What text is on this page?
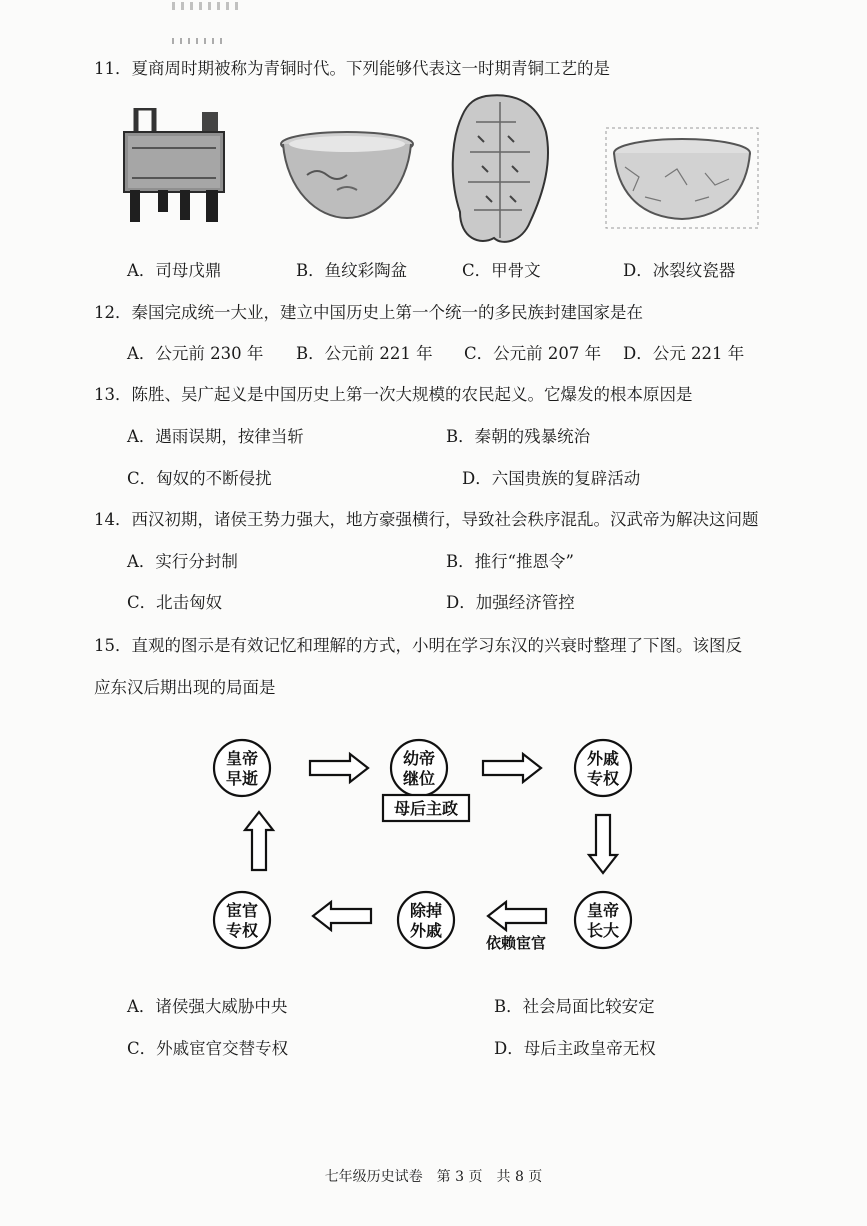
11．夏商周时期被称为青铜时代。下列能够代表这一时期青铜工艺的是
A．司母戊鼎	B．鱼纹彩陶盆	C．甲骨文	D．冰裂纹瓷器
12．秦国完成统一大业，建立中国历史上第一个统一的多民族封建国家是在
A．公元前 230 年 B．公元前 221 年 C．公元前 207 年 D．公元 221 年
13．陈胜、吴广起义是中国历史上第一次大规模的农民起义。它爆发的根本原因是
A．遇雨误期，按律当斩	B．秦朝的残暴统治
C．匈奴的不断侵扰	D．六国贵族的复辟活动
14．西汉初期，诸侯王势力强大，地方豪强横行，导致社会秩序混乱。汉武帝为解决这问题
A．实行分封制	B．推行“推恩令”
C．北击匈奴	D．加强经济管控
15．直观的图示是有效记忆和理解的方式，小明在学习东汉的兴衰时整理了下图。该图反
应东汉后期出现的局面是
皇帝
早逝
幼帝
继位
外戚
专权
皇帝
长大
除掉
外戚
宦官
专权
母后主政
依赖宦官
A．诸侯强大威胁中央	B．社会局面比较安定
C．外戚宦官交替专权	D．母后主政皇帝无权
七年级历史试卷　第 3 页　共 8 页
